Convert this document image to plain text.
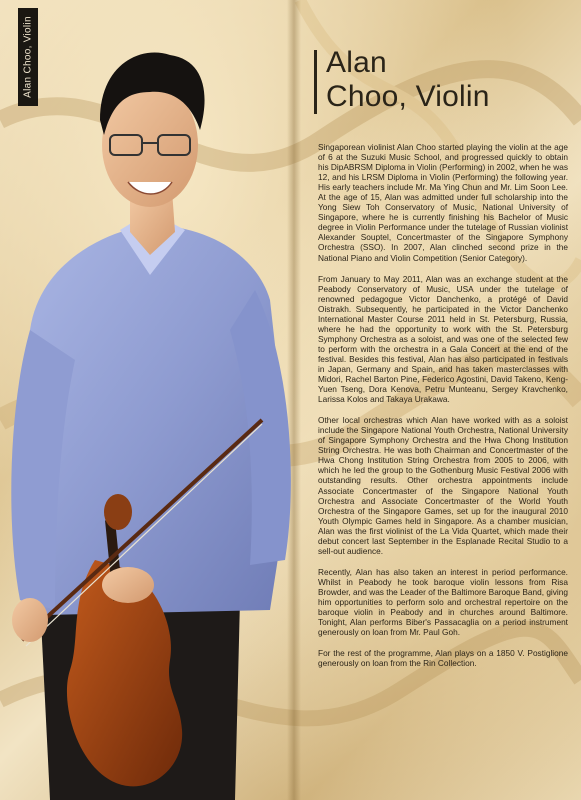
Alan Choo, Violin	Alan
Choo, Violin

Singaporean violinist Alan Choo started playing the violin at the age of 6 at the Suzuki Music School, and progressed quickly to obtain his DipABRSM Diploma in Violin (Performing) in 2002, when he was 12, and his LRSM Diploma in Violin (Performing) the following year. His early teachers include Mr. Ma Ying Chun and Mr. Lim Soon Lee. At the age of 15, Alan was admitted under full scholarship into the Yong Siew Toh Conservatory of Music, National University of Singapore, where he is currently finishing his Bachelor of Music degree in Violin Performance under the tutelage of Russian violinist Alexander Souptel, Concertmaster of the Singapore Symphony Orchestra (SSO). In 2007, Alan clinched second prize in the National Piano and Violin Competition (Senior Category).

From January to May 2011, Alan was an exchange student at the Peabody Conservatory of Music, USA under the tutelage of renowned pedagogue Victor Danchenko, a protégé of David Oistrakh. Subsequently, he participated in the Victor Danchenko International Master Course 2011 held in St. Petersburg, Russia, where he had the opportunity to work with the St. Petersburg Symphony Orchestra as a soloist, and was one of the selected few to perform with the orchestra in a Gala Concert at the end of the festival. Besides this festival, Alan has also participated in festivals in Japan, Germany and Spain, and has taken masterclasses with Midori, Rachel Barton Pine, Federico Agostini, David Takeno, Keng-Yuen Tseng, Dora Kenova, Petru Munteanu, Sergey Kravchenko, Larissa Kolos and Takaya Urakawa.

Other local orchestras which Alan have worked with as a soloist include the Singapore National Youth Orchestra, National University of Singapore Symphony Orchestra and the Hwa Chong Institution String Orchestra. He was both Chairman and Concertmaster of the Hwa Chong Institution String Orchestra from 2005 to 2006, with which he led the group to the Gothenburg Music Festival 2006 with outstanding results. Other orchestra appointments include Associate Concertmaster of the Singapore National Youth Orchestra and Associate Concertmaster of the World Youth Orchestra of the Singapore Games, set up for the inaugural 2010 Youth Olympic Games held in Singapore. As a chamber musician, Alan was the first violinist of the La Vida Quartet, which made their debut concert last September in the Esplanade Recital Studio to a sell-out audience.

Recently, Alan has also taken an interest in period performance. Whilst in Peabody he took baroque violin lessons from Risa Browder, and was the Leader of the Baltimore Baroque Band, giving him opportunities to perform solo and orchestral repertoire on the baroque violin in Peabody and in churches around Baltimore. Tonight, Alan performs Biber's Passacaglia on a period instrument generously on loan from Mr. Paul Goh.

For the rest of the programme, Alan plays on a 1850 V. Postiglione generously on loan from the Rin Collection.
